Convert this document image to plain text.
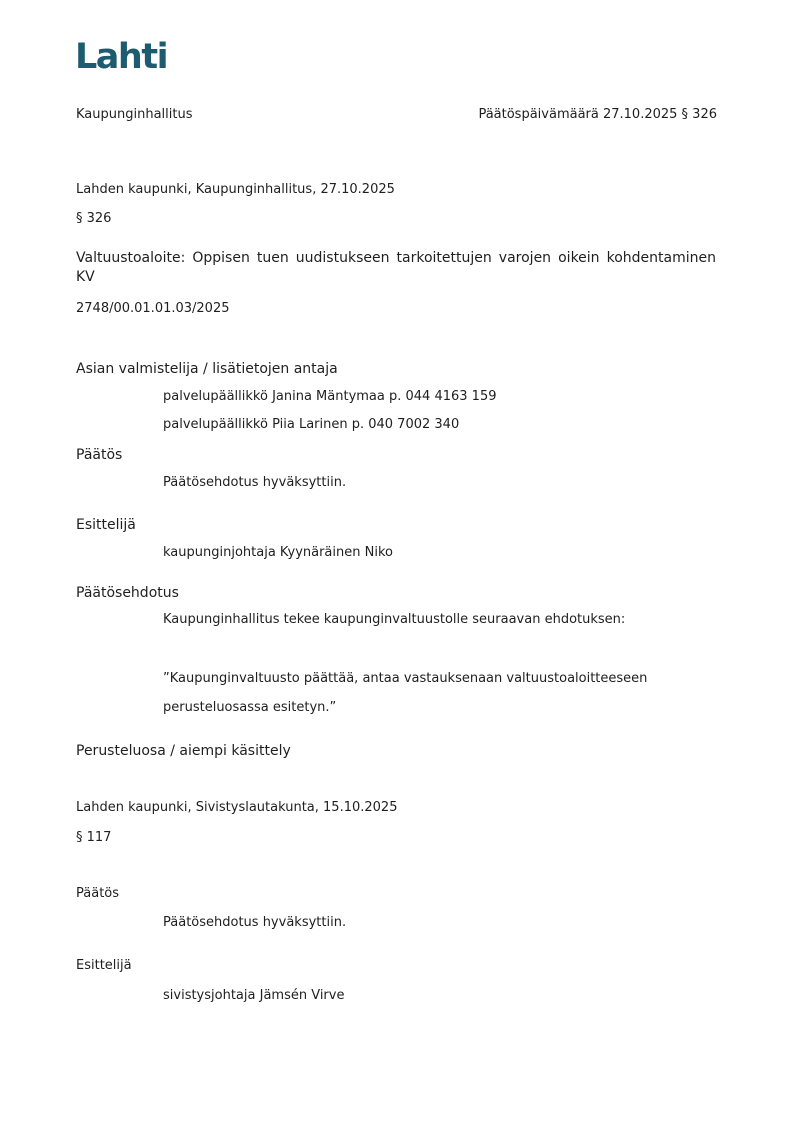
Lahti
Kaupunginhallitus	Päätöspäivämäärä 27.10.2025 § 326
Lahden kaupunki, Kaupunginhallitus, 27.10.2025
§ 326
Valtuustoaloite: Oppisen tuen uudistukseen tarkoitettujen varojen oikein kohdentaminen KV
2748/00.01.01.03/2025
Asian valmistelija / lisätietojen antaja
palvelupäällikkö Janina Mäntymaa p. 044 4163 159
palvelupäällikkö Piia Larinen p. 040 7002 340
Päätös
Päätösehdotus hyväksyttiin.
Esittelijä
kaupunginjohtaja Kyynäräinen Niko
Päätösehdotus
Kaupunginhallitus tekee kaupunginvaltuustolle seuraavan ehdotuksen:
”Kaupunginvaltuusto päättää, antaa vastauksenaan valtuustoaloitteeseen
perusteluosassa esitetyn.”
Perusteluosa / aiempi käsittely
Lahden kaupunki, Sivistyslautakunta, 15.10.2025
§ 117
Päätös
Päätösehdotus hyväksyttiin.
Esittelijä
sivistysjohtaja Jämsén Virve
